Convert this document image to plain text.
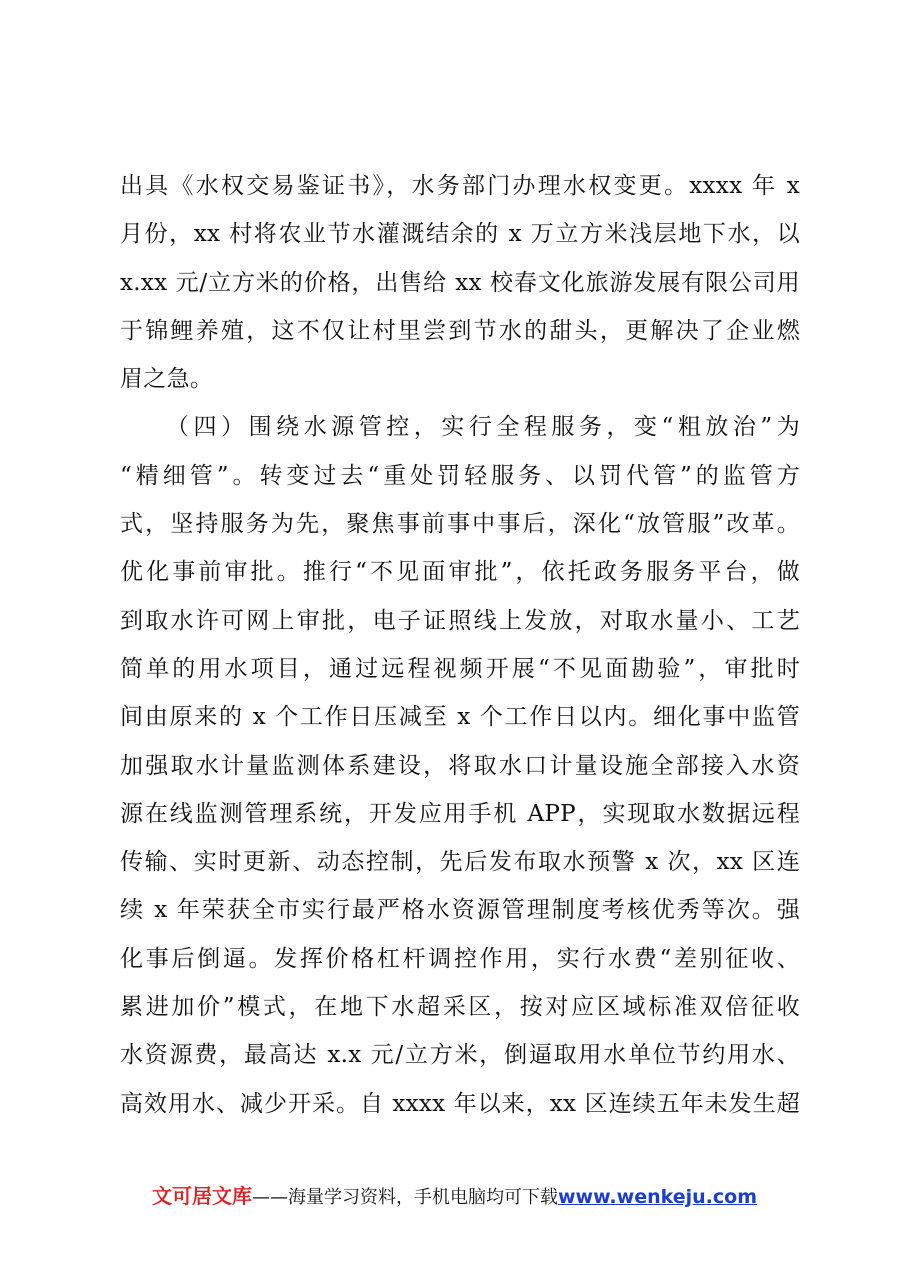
出具《水权交易鉴证书》，水务部门办理水权变更。xxxx 年 x
月份，xx 村将农业节水灌溉结余的 x 万立方米浅层地下水，以
x.xx 元/立方米的价格，出售给 xx 校春文化旅游发展有限公司用
于锦鲤养殖，这不仅让村里尝到节水的甜头，更解决了企业燃
眉之急。
（四）围绕水源管控，实行全程服务，变“粗放治”为
“精细管”。转变过去“重处罚轻服务、以罚代管”的监管方
式，坚持服务为先，聚焦事前事中事后，深化“放管服”改革。
优化事前审批。推行“不见面审批”，依托政务服务平台，做
到取水许可网上审批，电子证照线上发放，对取水量小、工艺
简单的用水项目，通过远程视频开展“不见面勘验”，审批时
间由原来的 x 个工作日压减至 x 个工作日以内。细化事中监管
加强取水计量监测体系建设，将取水口计量设施全部接入水资
源在线监测管理系统，开发应用手机 APP，实现取水数据远程
传输、实时更新、动态控制，先后发布取水预警 x 次，xx 区连
续 x 年荣获全市实行最严格水资源管理制度考核优秀等次。强
化事后倒逼。发挥价格杠杆调控作用，实行水费“差别征收、
累进加价”模式，在地下水超采区，按对应区域标准双倍征收
水资源费，最高达 x.x 元/立方米，倒逼取用水单位节约用水、
高效用水、减少开采。自 xxxx 年以来，xx 区连续五年未发生超
文可居文库——海量学习资料，手机电脑均可下载www.wenkeju.com
